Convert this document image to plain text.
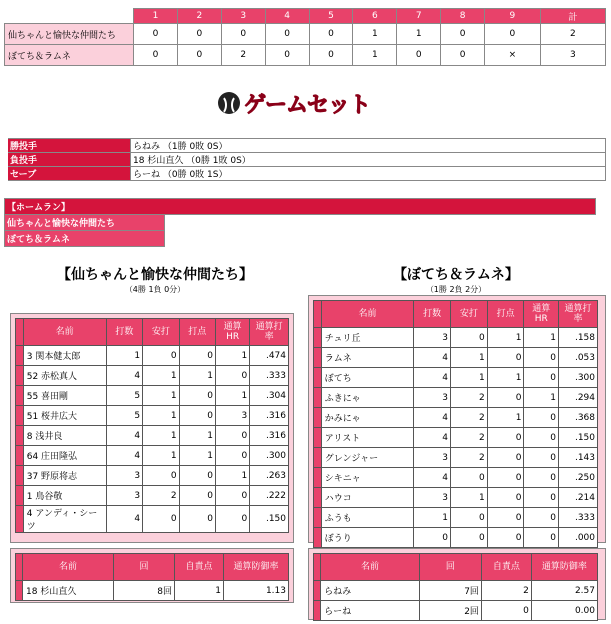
	1	2	3	4	5	6	7	8	9	計
仙ちゃんと愉快な仲間たち	0	0	0	0	0	1	1	0	0	2
ぼてち＆ラムネ	0	0	2	0	0	1	0	0	×	3
ゲームセット
勝投手	らねみ （1勝 0敗 0S）
負投手	18 杉山直久 （0勝 1敗 0S）
セーブ	らーね （0勝 0敗 1S）
【ホームラン】	
仙ちゃんと愉快な仲間たち	
ぼてち＆ラムネ	
【仙ちゃんと愉快な仲間たち】
（4勝 1負 0分）
	名前	打数	安打	打点	通算HR	通算打率
	3 関本健太郎	1	0	0	1	.474
	52 赤松真人	4	1	1	0	.333
	55 喜田剛	5	1	0	1	.304
	51 桜井広大	5	1	0	3	.316
	8 浅井良	4	1	1	0	.316
	64 庄田隆弘	4	1	1	0	.300
	37 野原将志	3	0	0	1	.263
	1 鳥谷敬	3	2	0	0	.222
	4 アンディ・シーツ	4	0	0	0	.150
	名前	回	自責点	通算防御率
	18 杉山直久	8回	1	1.13
【ぼてち＆ラムネ】
（1勝 2負 2分）
	名前	打数	安打	打点	通算HR	通算打率
	チュリ丘	3	0	1	1	.158
	ラムネ	4	1	0	0	.053
	ぼてち	4	1	1	0	.300
	ふきにゃ	3	2	0	1	.294
	かみにゃ	4	2	1	0	.368
	アリスト	4	2	0	0	.150
	グレンジャー	3	2	0	0	.143
	シキニャ	4	0	0	0	.250
	ハウコ	3	1	0	0	.214
	ふうも	1	0	0	0	.333
	ぼうり	0	0	0	0	.000
	名前	回	自責点	通算防御率
	らねみ	7回	2	2.57
	らーね	2回	0	0.00
